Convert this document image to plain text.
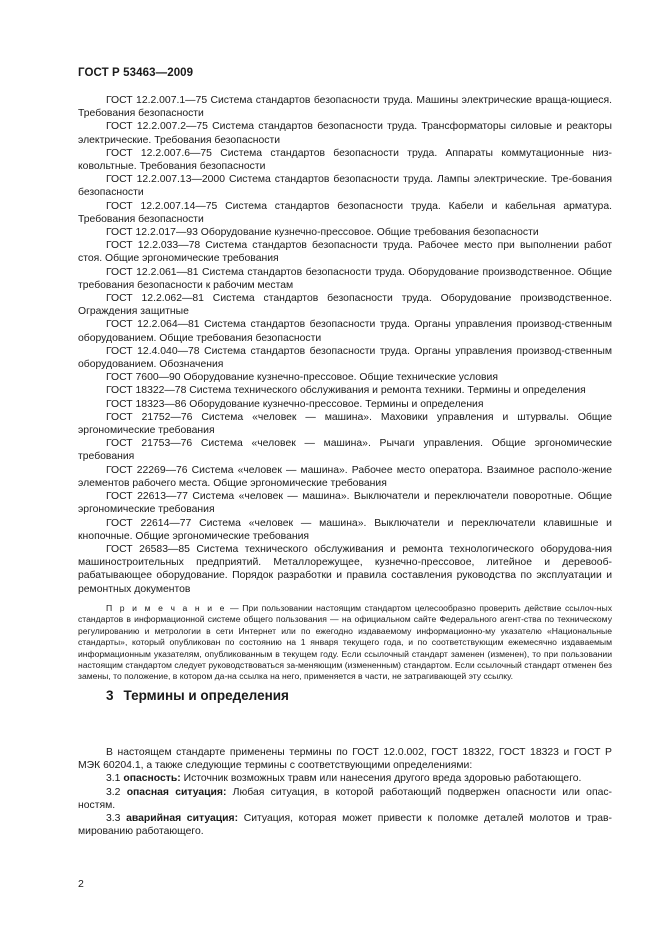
ГОСТ Р 53463—2009

ГОСТ 12.2.007.1—75 Система стандартов безопасности труда. Машины электрические враща-ющиеся. Требования безопасности

ГОСТ 12.2.007.2—75 Система стандартов безопасности труда. Трансформаторы силовые и реакторы электрические. Требования безопасности

ГОСТ 12.2.007.6—75 Система стандартов безопасности труда. Аппараты коммутационные низ-ковольтные. Требования безопасности

ГОСТ 12.2.007.13—2000 Система стандартов безопасности труда. Лампы электрические. Тре-бования безопасности

ГОСТ 12.2.007.14—75 Система стандартов безопасности труда. Кабели и кабельная арматура. Требования безопасности

ГОСТ 12.2.017—93 Оборудование кузнечно-прессовое. Общие требования безопасности

ГОСТ 12.2.033—78 Система стандартов безопасности труда. Рабочее место при выполнении работ стоя. Общие эргономические требования

ГОСТ 12.2.061—81 Система стандартов безопасности труда. Оборудование производственное. Общие требования безопасности к рабочим местам

ГОСТ 12.2.062—81 Система стандартов безопасности труда. Оборудование производственное. Ограждения защитные

ГОСТ 12.2.064—81 Система стандартов безопасности труда. Органы управления производ-ственным оборудованием. Общие требования безопасности

ГОСТ 12.4.040—78 Система стандартов безопасности труда. Органы управления производ-ственным оборудованием. Обозначения

ГОСТ 7600—90 Оборудование кузнечно-прессовое. Общие технические условия

ГОСТ 18322—78 Система технического обслуживания и ремонта техники. Термины и определения

ГОСТ 18323—86 Оборудование кузнечно-прессовое. Термины и определения

ГОСТ 21752—76 Система «человек — машина». Маховики управления и штурвалы. Общие эргономические требования

ГОСТ 21753—76 Система «человек — машина». Рычаги управления. Общие эргономические требования

ГОСТ 22269—76 Система «человек — машина». Рабочее место оператора. Взаимное располо-жение элементов рабочего места. Общие эргономические требования

ГОСТ 22613—77 Система «человек — машина». Выключатели и переключатели поворотные. Общие эргономические требования

ГОСТ 22614—77 Система «человек — машина». Выключатели и переключатели клавишные и кнопочные. Общие эргономические требования

ГОСТ 26583—85 Система технического обслуживания и ремонта технологического оборудова-ния машиностроительных предприятий. Металлорежущее, кузнечно-прессовое, литейное и деревооб-рабатывающее оборудование. Порядок разработки и правила составления руководства по эксплуатации и ремонтных документов

П р и м е ч а н и е — При пользовании настоящим стандартом целесообразно проверить действие ссылоч-ных стандартов в информационной системе общего пользования — на официальном сайте Федерального агент-ства по техническому регулированию и метрологии в сети Интернет или по ежегодно издаваемому информационно-му указателю «Национальные стандарты», который опубликован по состоянию на 1 января текущего года, и по соответствующим ежемесячно издаваемым информационным указателям, опубликованным в текущем году. Если ссылочный стандарт заменен (изменен), то при пользовании настоящим стандартом следует руководствоваться за-меняющим (измененным) стандартом. Если ссылочный стандарт отменен без замены, то положение, в котором да-на ссылка на него, применяется в части, не затрагивающей эту ссылку.

3 Термины и определения

В настоящем стандарте применены термины по ГОСТ 12.0.002, ГОСТ 18322, ГОСТ 18323 и ГОСТ Р МЭК 60204.1, а также следующие термины с соответствующими определениями:

3.1 опасность: Источник возможных травм или нанесения другого вреда здоровью работающего.

3.2 опасная ситуация: Любая ситуация, в которой работающий подвержен опасности или опас-ностям.

3.3 аварийная ситуация: Ситуация, которая может привести к поломке деталей молотов и трав-мированию работающего.

2
